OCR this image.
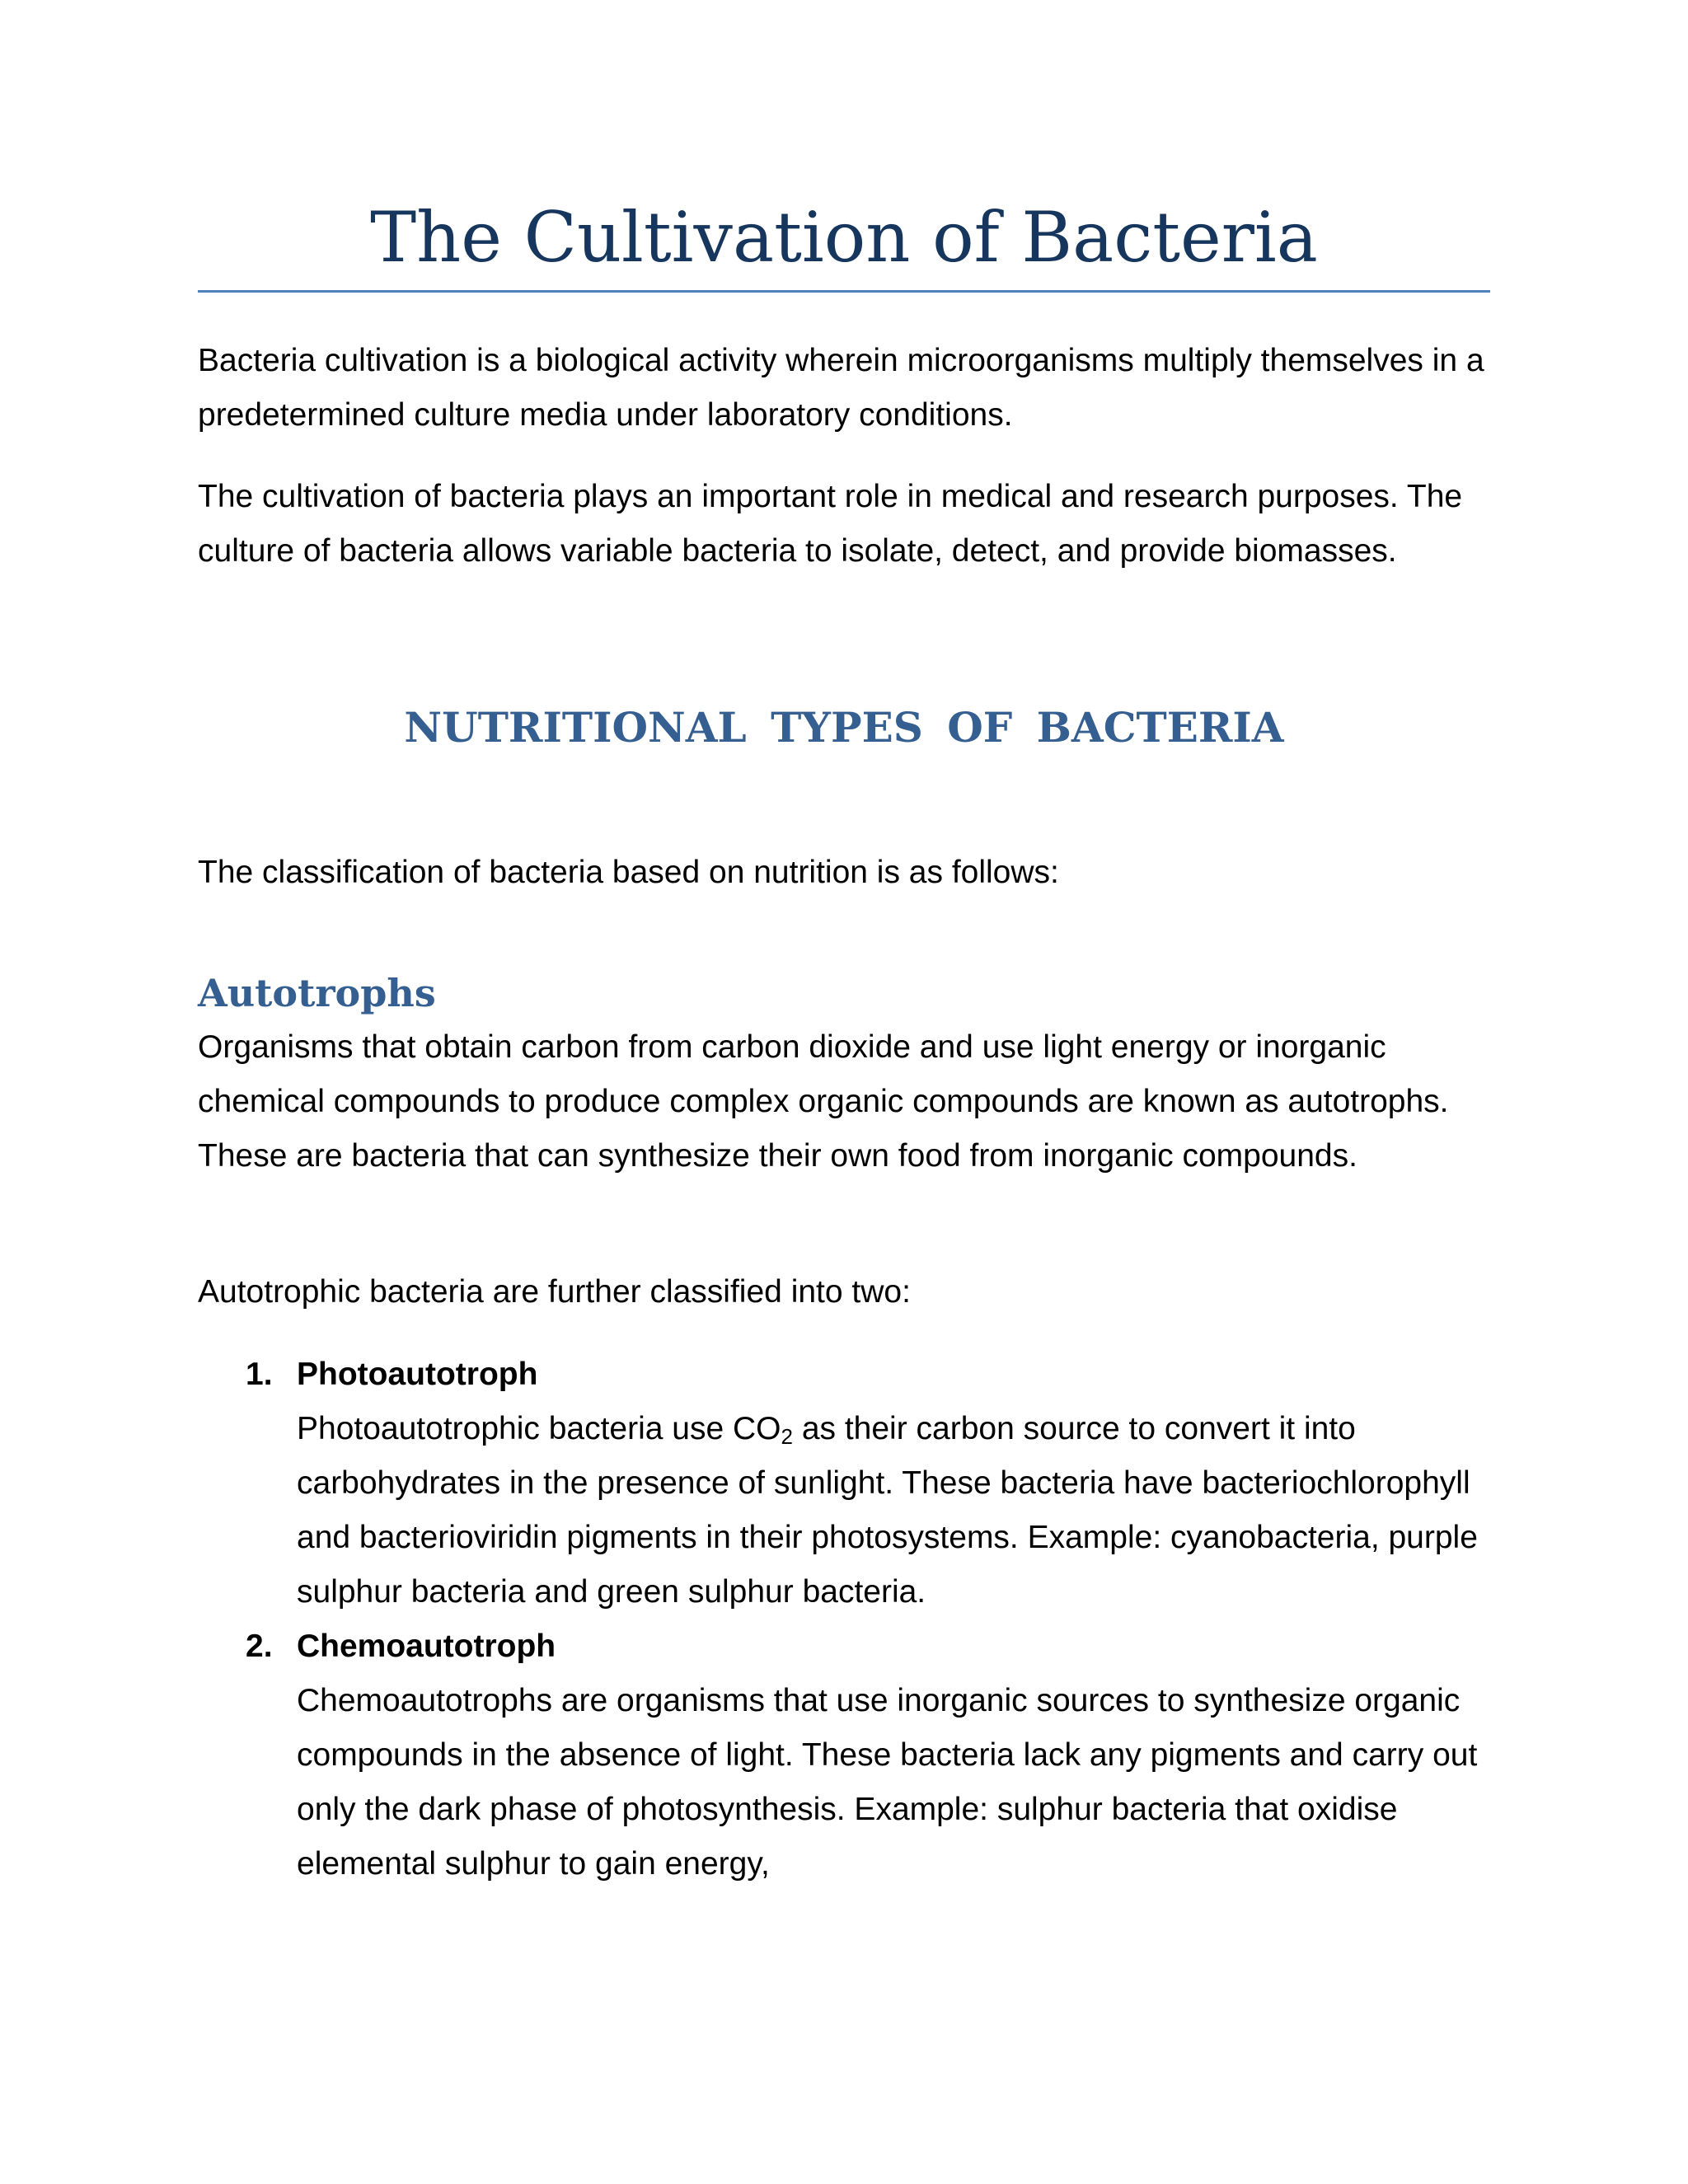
The Cultivation of Bacteria

Bacteria cultivation is a biological activity wherein microorganisms multiply themselves in a predetermined culture media under laboratory conditions.

The cultivation of bacteria plays an important role in medical and research purposes. The culture of bacteria allows variable bacteria to isolate, detect, and provide biomasses.

NUTRITIONAL TYPES OF BACTERIA

The classification of bacteria based on nutrition is as follows:

Autotrophs

Organisms that obtain carbon from carbon dioxide and use light energy or inorganic chemical compounds to produce complex organic compounds are known as autotrophs. These are bacteria that can synthesize their own food from inorganic compounds.

Autotrophic bacteria are further classified into two:

1. Photoautotroph
Photoautotrophic bacteria use $CO_2$ as their carbon source to convert it into carbohydrates in the presence of sunlight. These bacteria have bacteriochlorophyll and bacterioviridin pigments in their photosystems. Example: cyanobacteria, purple sulphur bacteria and green sulphur bacteria.
2. Chemoautotroph
Chemoautotrophs are organisms that use inorganic sources to synthesize organic compounds in the absence of light. These bacteria lack any pigments and carry out only the dark phase of photosynthesis. Example: sulphur bacteria that oxidise elemental sulphur to gain energy,
